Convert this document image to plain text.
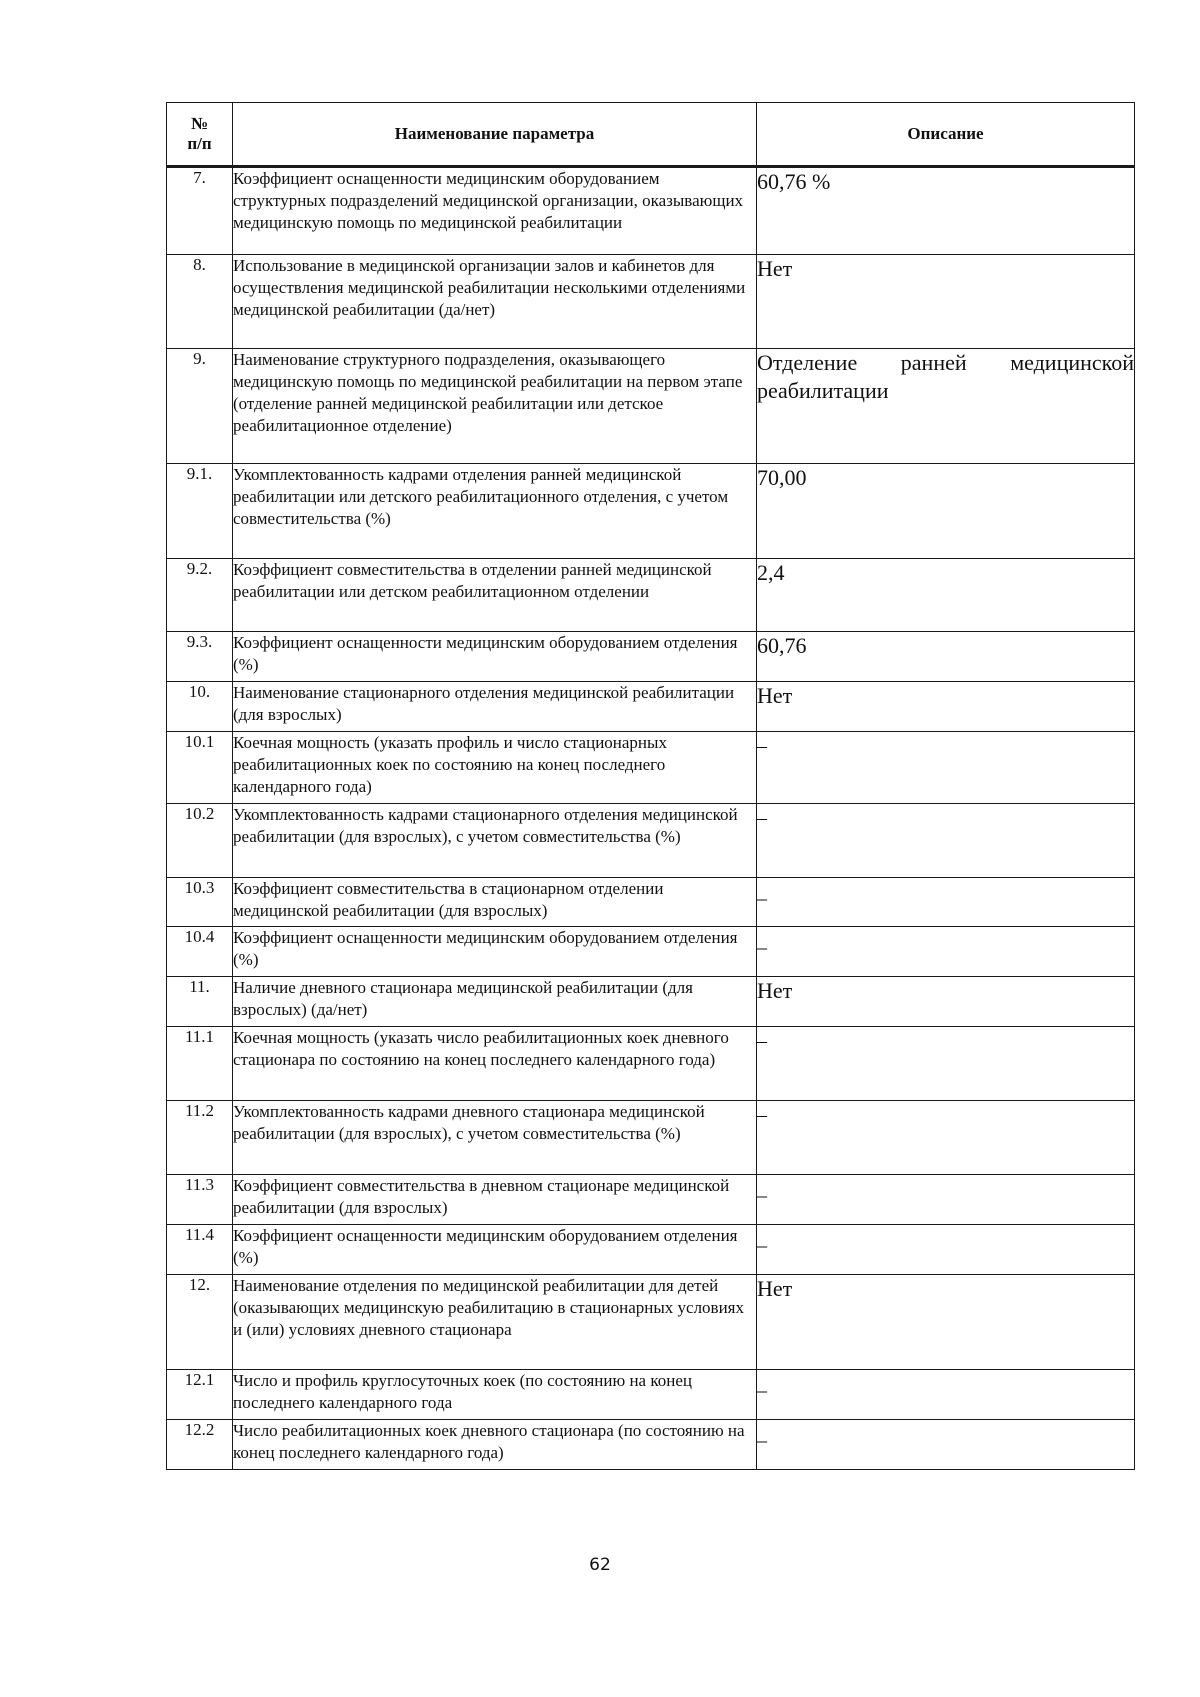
№
п/п	Наименование параметра	Описание
7.	Коэффициент оснащенности медицинским оборудованием структурных подразделений медицинской организации, оказывающих медицинскую помощь по медицинской реабилитации	60,76 %
8.	Использование в медицинской организации залов и кабинетов для осуществления медицинской реабилитации несколькими отделениями медицинской реабилитации (да/нет)	Нет
9.	Наименование структурного подразделения, оказывающего медицинскую помощь по медицинской реабилитации на первом этапе (отделение ранней медицинской реабилитации или детское реабилитационное отделение)	Отделение ранней медицинской реабилитации
9.1.	Укомплектованность кадрами отделения ранней медицинской реабилитации или детского реабилитационного отделения, с учетом совместительства (%)	70,00
9.2.	Коэффициент совместительства в отделении ранней медицинской реабилитации или детском реабилитационном отделении	2,4
9.3.	Коэффициент оснащенности медицинским оборудованием отделения (%)	60,76
10.	Наименование стационарного отделения медицинской реабилитации (для взрослых)	Нет
10.1	Коечная мощность (указать профиль и число стационарных реабилитационных коек по состоянию на конец последнего календарного года)	–
10.2	Укомплектованность кадрами стационарного отделения медицинской реабилитации (для взрослых), с учетом совместительства (%)	–
10.3	Коэффициент совместительства в стационарном отделении медицинской реабилитации (для взрослых)	_
10.4	Коэффициент оснащенности медицинским оборудованием отделения (%)	_
11.	Наличие дневного стационара медицинской реабилитации (для взрослых) (да/нет)	Нет
11.1	Коечная мощность (указать число реабилитационных коек дневного стационара по состоянию на конец последнего календарного года)	–
11.2	Укомплектованность кадрами дневного стационара медицинской реабилитации (для взрослых), с учетом совместительства (%)	–
11.3	Коэффициент совместительства в дневном стационаре медицинской реабилитации (для взрослых)	_
11.4	Коэффициент оснащенности медицинским оборудованием отделения (%)	_
12.	Наименование отделения по медицинской реабилитации для детей (оказывающих медицинскую реабилитацию в стационарных условиях и (или) условиях дневного стационара	Нет
12.1	Число и профиль круглосуточных коек (по состоянию на конец последнего календарного года	_
12.2	Число реабилитационных коек дневного стационара (по состоянию на конец последнего календарного года)	_
62
